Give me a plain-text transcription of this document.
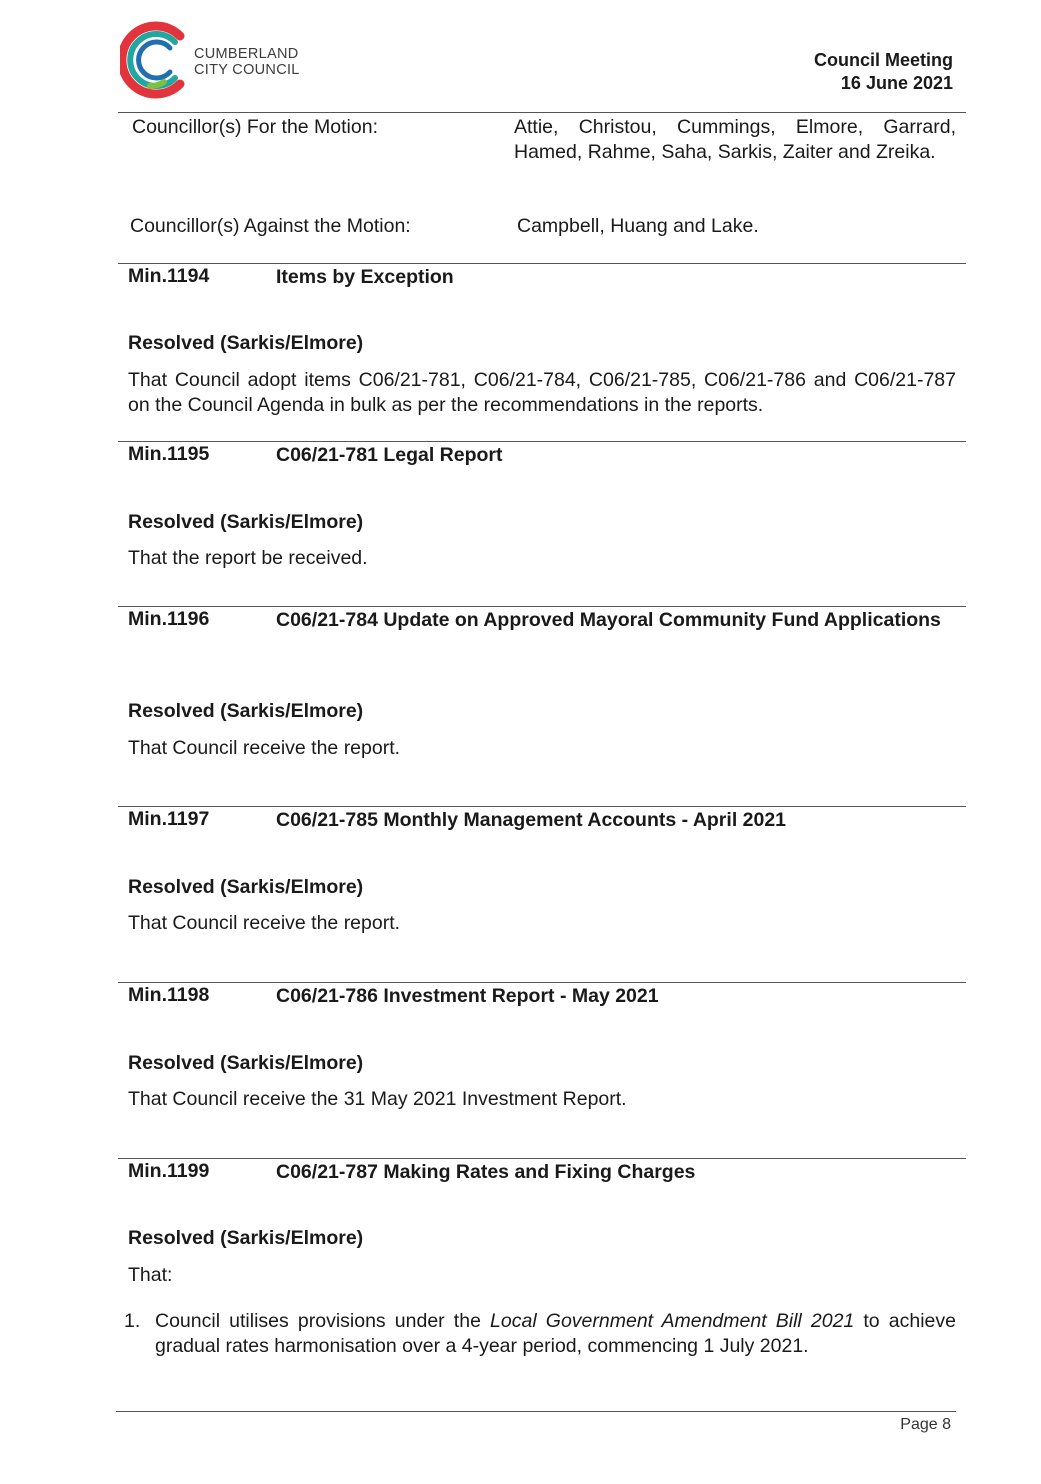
CUMBERLAND
CITY COUNCIL	Council Meeting
16 June 2021
Councillor(s) For the Motion:	Attie, Christou, Cummings, Elmore, Garrard, Hamed, Rahme, Saha, Sarkis, Zaiter and Zreika.
Councillor(s) Against the Motion:	Campbell, Huang and Lake.
Min.1194	Items by Exception
Resolved (Sarkis/Elmore)
That Council adopt items C06/21-781, C06/21-784, C06/21-785, C06/21-786 and C06/21-787 on the Council Agenda in bulk as per the recommendations in the reports.
Min.1195	C06/21-781 Legal Report
Resolved (Sarkis/Elmore)
That the report be received.
Min.1196	C06/21-784 Update on Approved Mayoral Community Fund Applications
Resolved (Sarkis/Elmore)
That Council receive the report.
Min.1197	C06/21-785 Monthly Management Accounts - April 2021
Resolved (Sarkis/Elmore)
That Council receive the report.
Min.1198	C06/21-786 Investment Report - May 2021
Resolved (Sarkis/Elmore)
That Council receive the 31 May 2021 Investment Report.
Min.1199	C06/21-787 Making Rates and Fixing Charges
Resolved (Sarkis/Elmore)
That:
1. Council utilises provisions under the Local Government Amendment Bill 2021 to achieve gradual rates harmonisation over a 4-year period, commencing 1 July 2021.
Page 8
